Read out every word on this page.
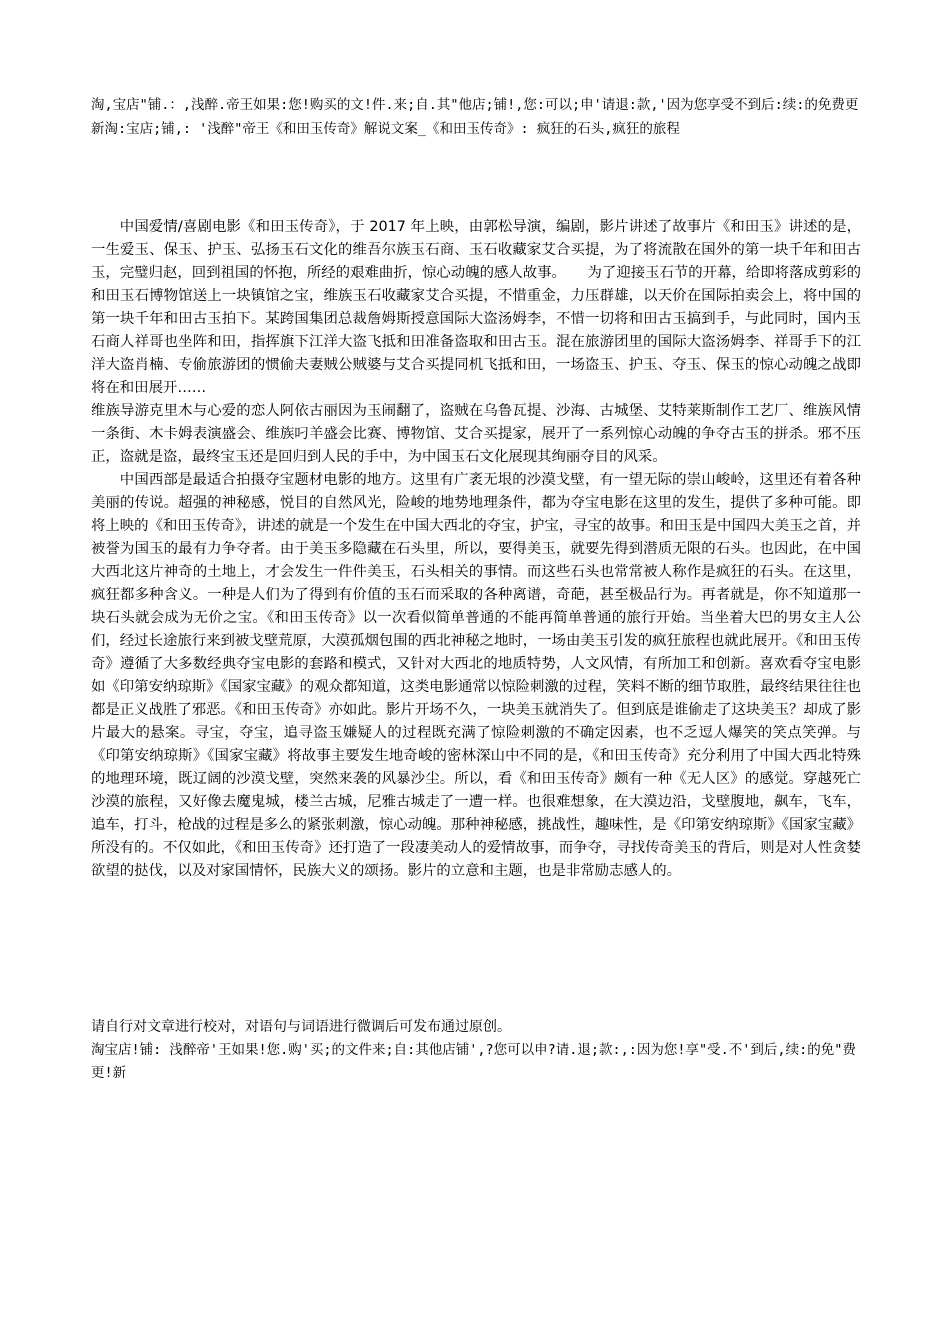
淘,宝店"铺.：,浅醉.帝王如果:您!购买的文!件.来;自.其"他店;铺!,您:可以;申'请退:款,'因为您享受不到后:续:的免费更新淘:宝店;铺,: '浅醉"帝王《和田玉传奇》解说文案_《和田玉传奇》: 疯狂的石头,疯狂的旅程

中国爱情/喜剧电影《和田玉传奇》，于 2017 年上映，由郭松导演，编剧，影片讲述了故事片《和田玉》讲述的是，一生爱玉、保玉、护玉、弘扬玉石文化的维吾尔族玉石商、玉石收藏家艾合买提，为了将流散在国外的第一块千年和田古玉，完璧归赵，回到祖国的怀抱，所经的艰难曲折，惊心动魄的感人故事。　　为了迎接玉石节的开幕，给即将落成剪彩的和田玉石博物馆送上一块镇馆之宝，维族玉石收藏家艾合买提，不惜重金，力压群雄，以天价在国际拍卖会上，将中国的第一块千年和田古玉拍下。某跨国集团总裁詹姆斯授意国际大盗汤姆李，不惜一切将和田古玉搞到手，与此同时，国内玉石商人祥哥也坐阵和田，指挥旗下江洋大盗飞抵和田准备盗取和田古玉。混在旅游团里的国际大盗汤姆李、祥哥手下的江洋大盗肖楠、专偷旅游团的惯偷夫妻贼公贼婆与艾合买提同机飞抵和田，一场盗玉、护玉、夺玉、保玉的惊心动魄之战即将在和田展开……

维族导游克里木与心爱的恋人阿依古丽因为玉闹翻了，盗贼在乌鲁瓦提、沙海、古城堡、艾特莱斯制作工艺厂、维族风情一条街、木卡姆表演盛会、维族叼羊盛会比赛、博物馆、艾合买提家，展开了一系列惊心动魄的争夺古玉的拼杀。邪不压正，盗就是盗，最终宝玉还是回归到人民的手中，为中国玉石文化展现其绚丽夺目的风采。

中国西部是最适合拍摄夺宝题材电影的地方。这里有广袤无垠的沙漠戈壁，有一望无际的崇山峻岭，这里还有着各种美丽的传说。超强的神秘感，悦目的自然风光，险峻的地势地理条件，都为夺宝电影在这里的发生，提供了多种可能。即将上映的《和田玉传奇》，讲述的就是一个发生在中国大西北的夺宝，护宝，寻宝的故事。和田玉是中国四大美玉之首，并被誉为国玉的最有力争夺者。由于美玉多隐藏在石头里，所以，要得美玉，就要先得到潜质无限的石头。也因此，在中国大西北这片神奇的土地上，才会发生一件件美玉，石头相关的事情。而这些石头也常常被人称作是疯狂的石头。在这里，疯狂都多种含义。一种是人们为了得到有价值的玉石而采取的各种离谱，奇葩，甚至极品行为。再者就是，你不知道那一块石头就会成为无价之宝。《和田玉传奇》以一次看似简单普通的不能再简单普通的旅行开始。当坐着大巴的男女主人公们，经过长途旅行来到被戈壁荒原，大漠孤烟包围的西北神秘之地时，一场由美玉引发的疯狂旅程也就此展开。《和田玉传奇》遵循了大多数经典夺宝电影的套路和模式，又针对大西北的地质特势，人文风情，有所加工和创新。喜欢看夺宝电影如《印第安纳琼斯》《国家宝藏》的观众都知道，这类电影通常以惊险刺激的过程，笑料不断的细节取胜，最终结果往往也都是正义战胜了邪恶。《和田玉传奇》亦如此。影片开场不久，一块美玉就消失了。但到底是谁偷走了这块美玉？却成了影片最大的悬案。寻宝，夺宝，追寻盗玉嫌疑人的过程既充满了惊险刺激的不确定因素，也不乏逗人爆笑的笑点笑弹。与《印第安纳琼斯》《国家宝藏》将故事主要发生地奇峻的密林深山中不同的是，《和田玉传奇》充分利用了中国大西北特殊的地理环境，既辽阔的沙漠戈壁，突然来袭的风暴沙尘。所以，看《和田玉传奇》颇有一种《无人区》的感觉。穿越死亡沙漠的旅程，又好像去魔鬼城，楼兰古城，尼雅古城走了一遭一样。也很难想象，在大漠边沿，戈壁腹地，飙车，飞车，追车，打斗，枪战的过程是多么的紧张刺激，惊心动魄。那种神秘感，挑战性，趣味性，是《印第安纳琼斯》《国家宝藏》所没有的。不仅如此，《和田玉传奇》还打造了一段凄美动人的爱情故事，而争夺，寻找传奇美玉的背后，则是对人性贪婪欲望的挞伐，以及对家国情怀，民族大义的颂扬。影片的立意和主题，也是非常励志感人的。

请自行对文章进行校对，对语句与词语进行微调后可发布通过原创。
淘宝店!铺: 浅醉帝'王如果!您.购'买;的文件来;自:其他店铺',?您可以申?请.退;款:,:因为您!享"受.不'到后,续:的免"费更!新
